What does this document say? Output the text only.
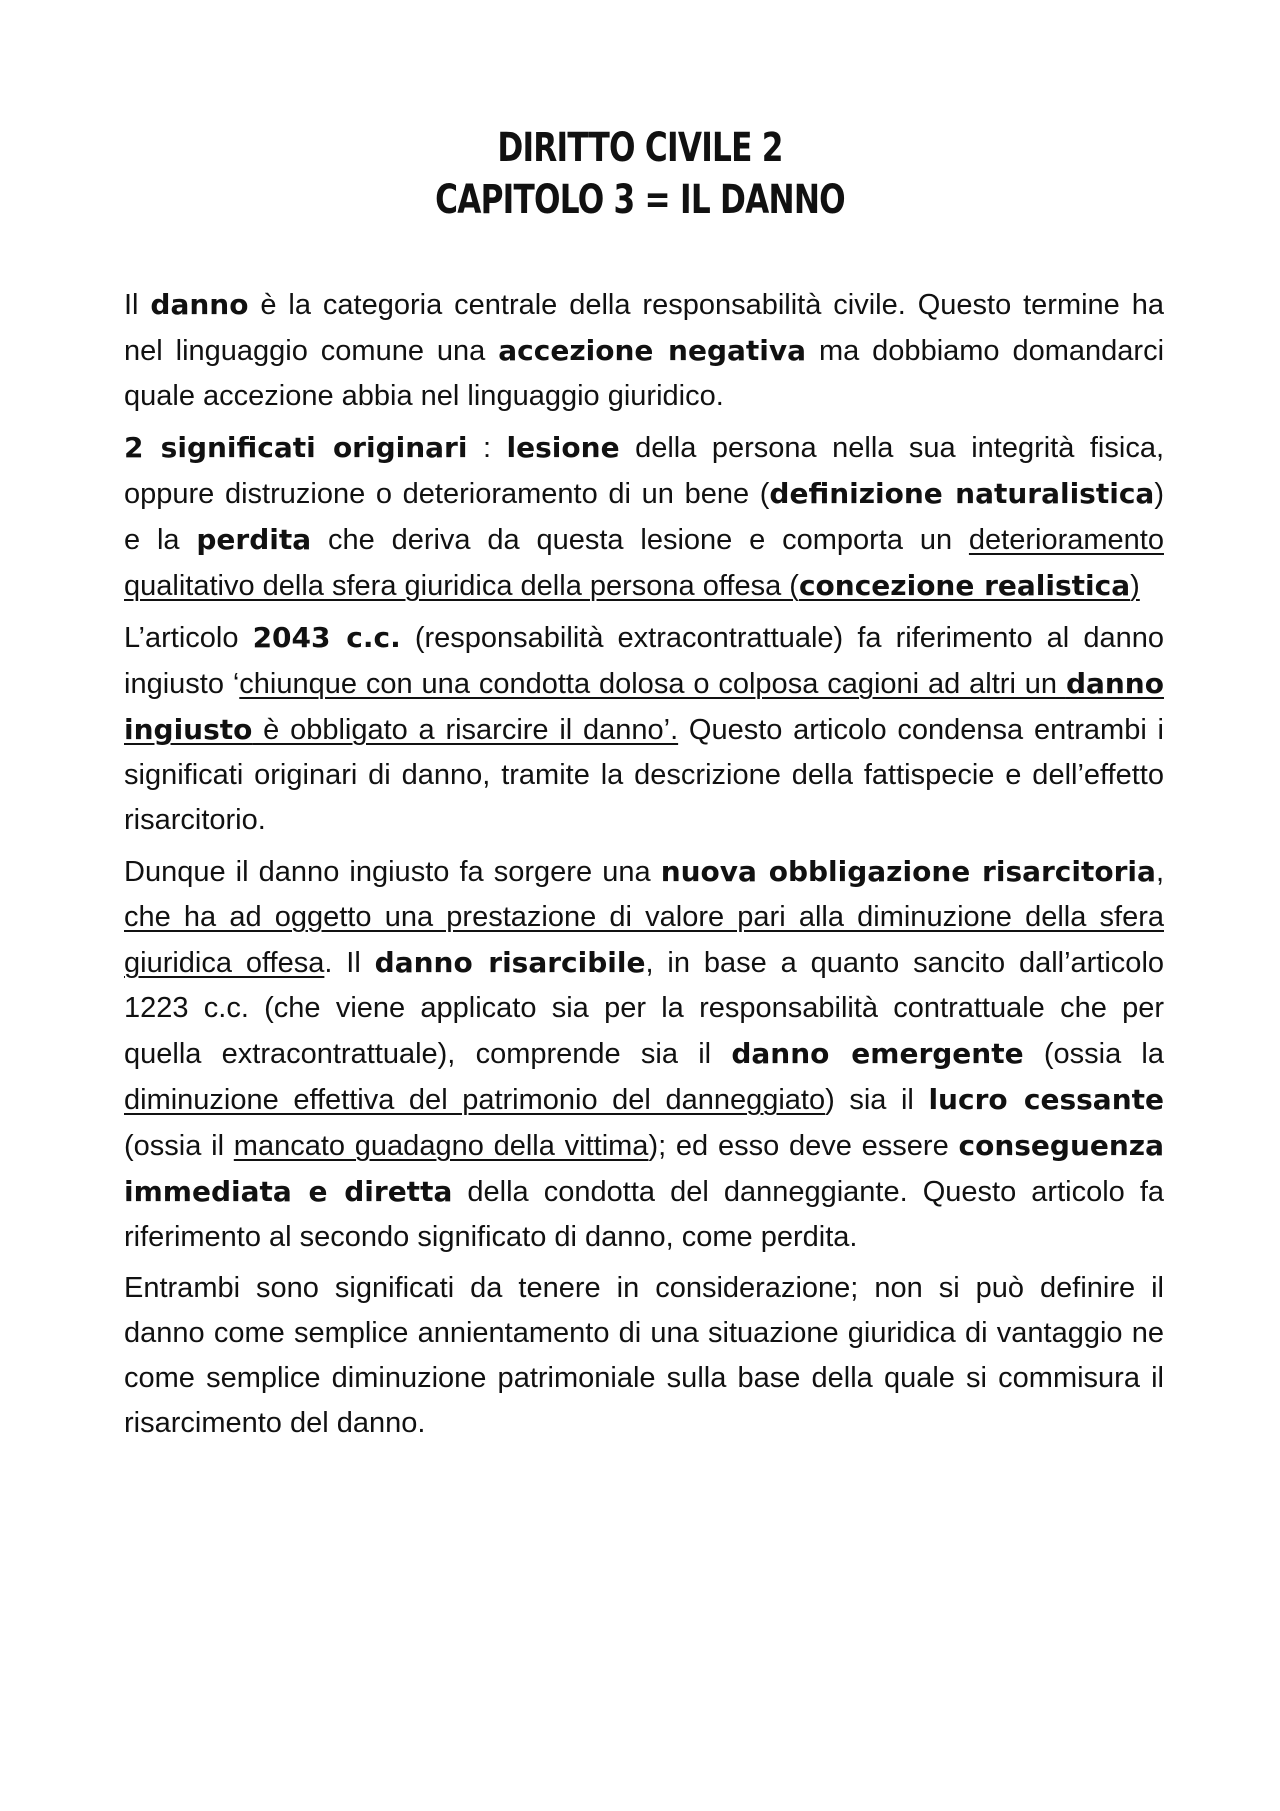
DIRITTO CIVILE 2
CAPITOLO 3 = IL DANNO

Il danno è la categoria centrale della responsabilità civile. Questo termine ha nel linguaggio comune una accezione negativa ma dobbiamo domandarci quale accezione abbia nel linguaggio giuridico.

2 significati originari : lesione della persona nella sua integrità fisica, oppure distruzione o deterioramento di un bene (definizione naturalistica) e la perdita che deriva da questa lesione e comporta un deterioramento qualitativo della sfera giuridica della persona offesa (concezione realistica)

L’articolo 2043 c.c. (responsabilità extracontrattuale) fa riferimento al danno ingiusto ‘chiunque con una condotta dolosa o colposa cagioni ad altri un danno ingiusto è obbligato a risarcire il danno’. Questo articolo condensa entrambi i significati originari di danno, tramite la descrizione della fattispecie e dell’effetto risarcitorio.

Dunque il danno ingiusto fa sorgere una nuova obbligazione risarcitoria, che ha ad oggetto una prestazione di valore pari alla diminuzione della sfera giuridica offesa. Il danno risarcibile, in base a quanto sancito dall’articolo 1223 c.c. (che viene applicato sia per la responsabilità contrattuale che per quella extracontrattuale), comprende sia il danno emergente (ossia la diminuzione effettiva del patrimonio del danneggiato) sia il lucro cessante (ossia il mancato guadagno della vittima); ed esso deve essere conseguenza immediata e diretta della condotta del danneggiante. Questo articolo fa riferimento al secondo significato di danno, come perdita.

Entrambi sono significati da tenere in considerazione; non si può definire il danno come semplice annientamento di una situazione giuridica di vantaggio ne come semplice diminuzione patrimoniale sulla base della quale si commisura il risarcimento del danno.
